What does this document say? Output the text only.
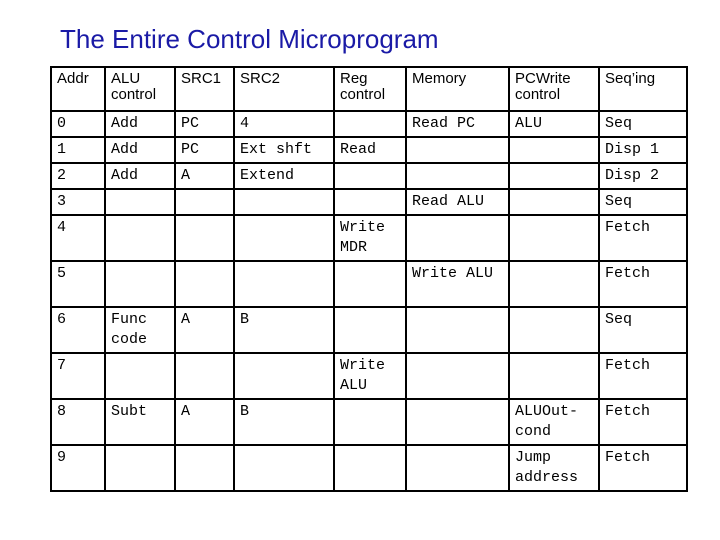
The Entire Control Microprogram
Addr	ALU control	SRC1	SRC2	Reg control	Memory	PCWrite control	Seq’ing
0	Add	PC	4		Read PC	ALU	Seq
1	Add	PC	Ext shft	Read			Disp 1
2	Add	A	Extend				Disp 2
3					Read ALU		Seq
4				Write MDR			Fetch
5					Write ALU		Fetch
6	Func code	A	B				Seq
7				Write ALU			Fetch
8	Subt	A	B			ALUOut-cond	Fetch
9						Jump address	Fetch
